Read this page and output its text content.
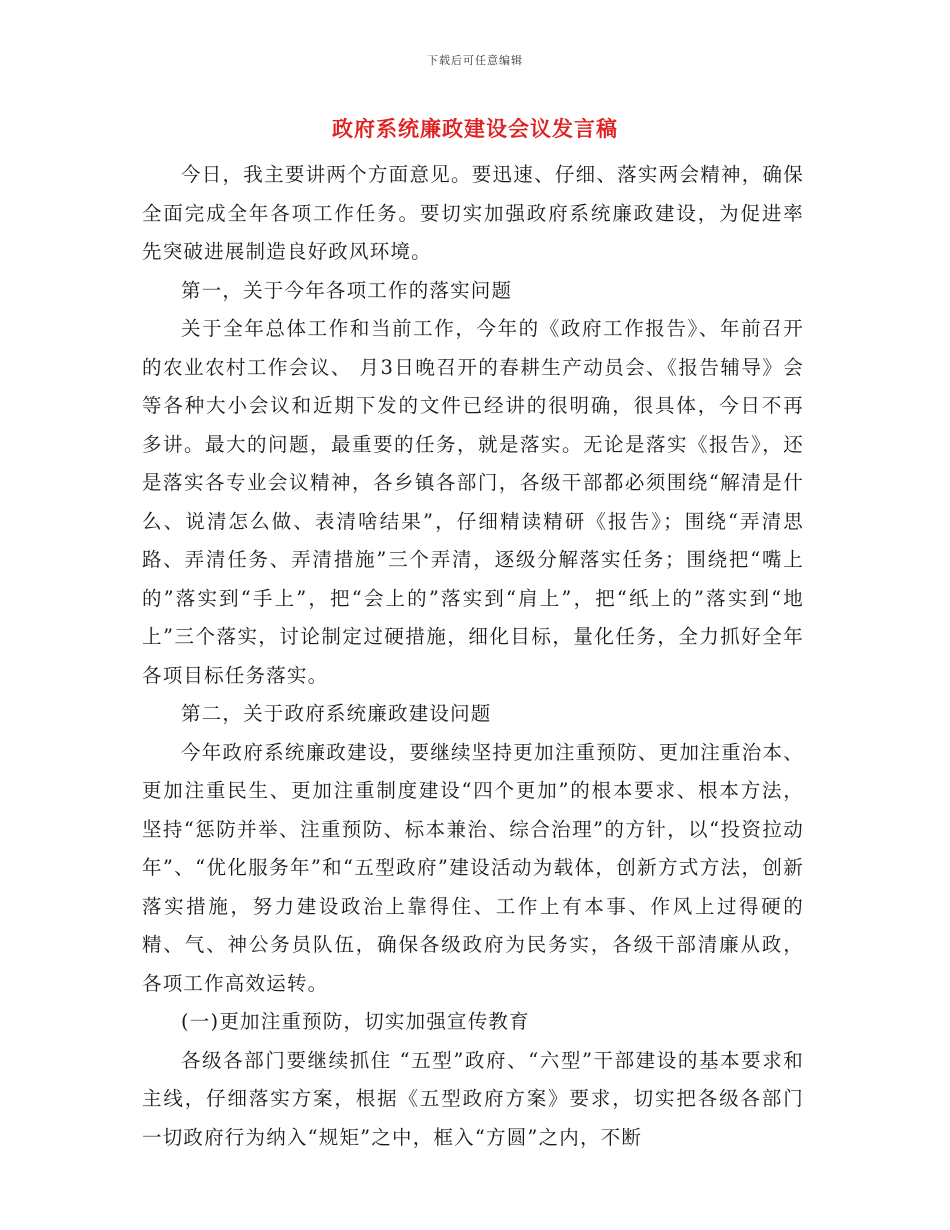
下载后可任意编辑
政府系统廉政建设会议发言稿

今日，我主要讲两个方面意见。要迅速、仔细、落实两会精神，确保全面完成全年各项工作任务。要切实加强政府系统廉政建设，为促进率先突破进展制造良好政风环境。

第一，关于今年各项工作的落实问题

关于全年总体工作和当前工作，今年的《政府工作报告》、年前召开的农业农村工作会议、 月3日晚召开的春耕生产动员会、《报告辅导》会等各种大小会议和近期下发的文件已经讲的很明确，很具体，今日不再多讲。最大的问题，最重要的任务，就是落实。无论是落实《报告》，还是落实各专业会议精神，各乡镇各部门，各级干部都必须围绕“解清是什么、说清怎么做、表清啥结果”，仔细精读精研《报告》；围绕“弄清思路、弄清任务、弄清措施”三个弄清，逐级分解落实任务；围绕把“嘴上的”落实到“手上”，把“会上的”落实到“肩上”，把“纸上的”落实到“地上”三个落实，讨论制定过硬措施，细化目标，量化任务，全力抓好全年各项目标任务落实。

第二，关于政府系统廉政建设问题

今年政府系统廉政建设，要继续坚持更加注重预防、更加注重治本、更加注重民生、更加注重制度建设“四个更加”的根本要求、根本方法，坚持“惩防并举、注重预防、标本兼治、综合治理”的方针，以“投资拉动年”、“优化服务年”和“五型政府”建设活动为载体，创新方式方法，创新落实措施，努力建设政治上靠得住、工作上有本事、作风上过得硬的精、气、神公务员队伍，确保各级政府为民务实，各级干部清廉从政，各项工作高效运转。

(一)更加注重预防，切实加强宣传教育

各级各部门要继续抓住 “五型”政府、“六型”干部建设的基本要求和主线，仔细落实方案，根据《五型政府方案》要求，切实把各级各部门一切政府行为纳入“规矩”之中，框入“方圆”之内，不断
